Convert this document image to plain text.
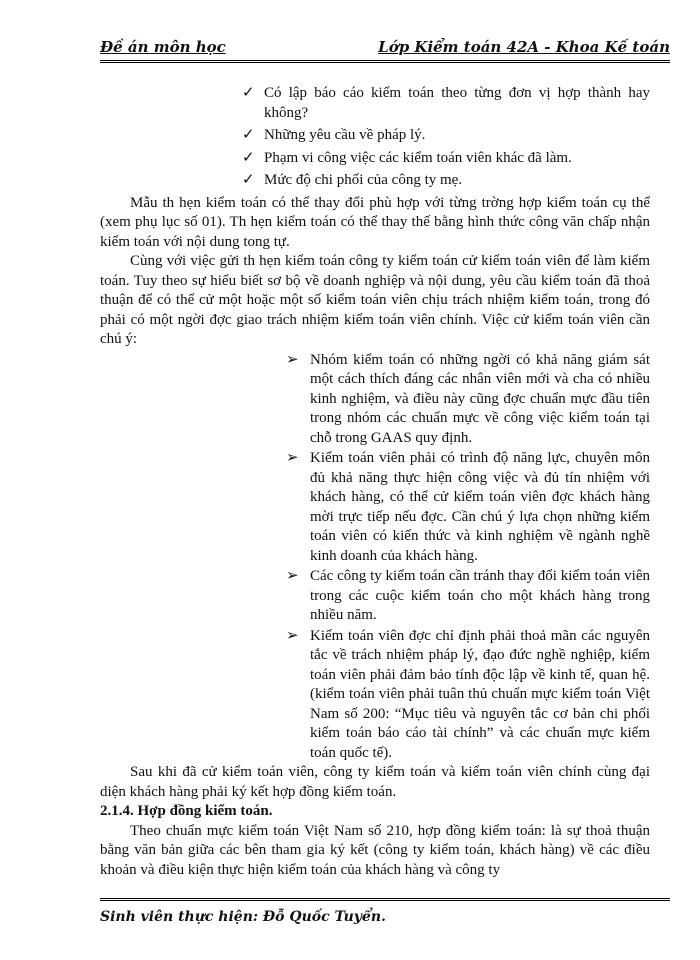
Đề án môn học	Lớp Kiểm toán 42A - Khoa Kế toán
✓ Có lập báo cáo kiểm toán theo từng đơn vị hợp thành hay không?
✓ Những yêu cầu về pháp lý.
✓ Phạm vi công việc các kiểm toán viên khác đã làm.
✓ Mức độ chi phối của công ty mẹ.

Mẫu th hẹn kiểm toán có thể thay đổi phù hợp với từng trờng hợp kiểm toán cụ thể (xem phụ lục số 01). Th hẹn kiểm toán có thể thay thế bằng hình thức công văn chấp nhận kiểm toán với nội dung tong tự.

Cùng với việc gửi th hẹn kiểm toán công ty kiểm toán cử kiểm toán viên để làm kiểm toán. Tuy theo sự hiểu biết sơ bộ về doanh nghiệp và nội dung, yêu cầu kiểm toán đã thoả thuận để có thể cử một hoặc một số kiểm toán viên chịu trách nhiệm kiểm toán, trong đó phải có một ngời đợc giao trách nhiệm kiểm toán viên chính. Việc cử kiểm toán viên cần chú ý:

➢ Nhóm kiểm toán có những ngời có khả năng giám sát một cách thích đáng các nhân viên mới và cha có nhiều kinh nghiệm, và điều này cũng đợc chuẩn mực đầu tiên trong nhóm các chuẩn mực về công việc kiểm toán tại chỗ trong GAAS quy định.
➢ Kiểm toán viên phải có trình độ năng lực, chuyên môn đủ khả năng thực hiện công việc và đủ tín nhiệm với khách hàng, có thể cử kiểm toán viên đợc khách hàng mời trực tiếp nếu đợc. Cần chú ý lựa chọn những kiểm toán viên có kiến thức và kinh nghiệm về ngành nghề kinh doanh của khách hàng.
➢ Các công ty kiểm toán cần tránh thay đổi kiểm toán viên trong các cuộc kiểm toán cho một khách hàng trong nhiều năm.
➢ Kiểm toán viên đợc chỉ định phải thoả mãn các nguyên tắc về trách nhiệm pháp lý, đạo đức nghề nghiệp, kiểm toán viên phải đảm bảo tính độc lập về kinh tế, quan hệ. (kiểm toán viên phải tuân thủ chuẩn mực kiểm toán Việt Nam số 200: “Mục tiêu và nguyên tắc cơ bản chi phối kiểm toán báo cáo tài chính” và các chuẩn mực kiểm toán quốc tế).

Sau khi đã cử kiểm toán viên, công ty kiểm toán và kiểm toán viên chính cùng đại diện khách hàng phải ký kết hợp đồng kiểm toán.

2.1.4. Hợp đồng kiểm toán.

Theo chuẩn mực kiểm toán Việt Nam số 210, hợp đồng kiểm toán: là sự thoả thuận bằng văn bản giữa các bên tham gia ký kết (công ty kiểm toán, khách hàng) về các điều khoản và điều kiện thực hiện kiểm toán của khách hàng và công ty

Sinh viên thực hiện: Đỗ Quốc Tuyển.
